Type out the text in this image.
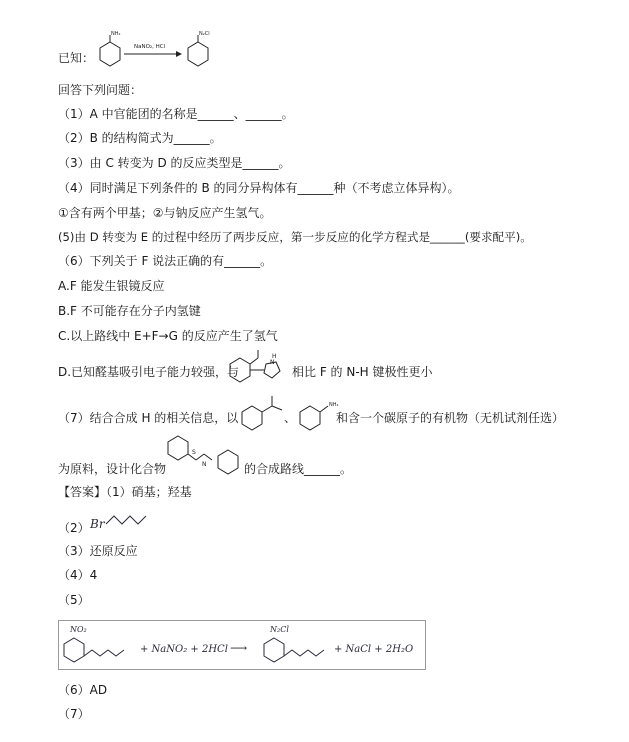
已知：
NH₂
NaNO₂, HCl
N₂Cl
回答下列问题：
（1）A 中官能团的名称是______、______。
（2）B 的结构简式为______。
（3）由 C 转变为 D 的反应类型是______。
（4）同时满足下列条件的 B 的同分异构体有______种（不考虑立体异构）。
①含有两个甲基；②与钠反应产生氢气。
(5)由 D 转变为 E 的过程中经历了两步反应，第一步反应的化学方程式是______(要求配平)。
（6）下列关于 F 说法正确的有______。
A.F 能发生银镜反应
B.F 不可能存在分子内氢键
C.以上路线中 E+F→G 的反应产生了氢气
D.已知醛基吸引电子能力较强，与
H
N
相比 F 的 N-H 键极性更小
（7）结合合成 H 的相关信息，以	、
NH₂
和含一个碳原子的有机物（无机试剂任选）
为原料，设计化合物
S
N	的合成路线______。
【答案】（1）硝基；羟基
（2） Br
（3）还原反应
（4）4
（5）
NO₂
+ NaNO₂ + 2HCl ⟶
N₂Cl
+ NaCl + 2H₂O
（6）AD
（7）
